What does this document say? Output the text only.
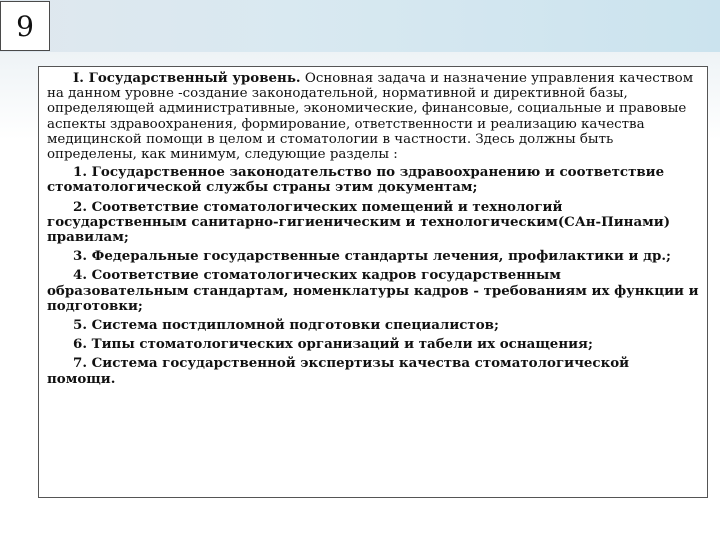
9

I. Государственный уровень. Основная задача и назначение управления качеством на данном уровне -создание законодательной, нормативной и директивной базы, определяющей административные, экономические, финансовые, социальные и правовые аспекты здравоохранения, формирование, ответственности и реализацию качества медицинской помощи в целом и стоматологии в частности. Здесь должны быть определены, как минимум, следующие разделы :

1. Государственное законодательство по здравоохранению и соответствие стоматологической службы страны этим документам;

2. Соответствие стоматологических помещений и технологий государственным санитарно-гигиеническим и технологическим(САн-Пинами) правилам;

3. Федеральные государственные стандарты лечения, профилактики и др.;

4. Соответствие стоматологических кадров государственным образовательным стандартам, номенклатуры кадров - требованиям их функции и подготовки;

5. Система постдипломной подготовки специалистов;

6. Типы стоматологических организаций и табели их оснащения;

7. Система государственной экспертизы качества стоматологической помощи.
